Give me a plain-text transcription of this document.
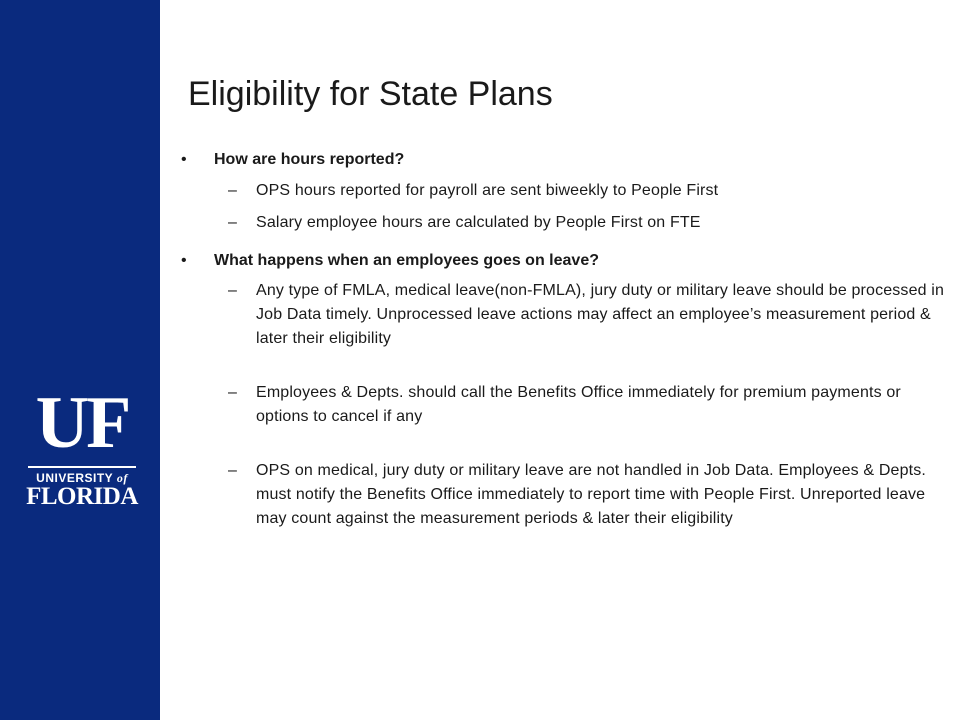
UF
UNIVERSITY of
FLORIDA
Eligibility for State Plans
• How are hours reported?
– OPS hours reported for payroll are sent biweekly to People First
– Salary employee hours are calculated by People First on FTE
• What happens when an employees goes on leave?
– Any type of FMLA, medical leave(non-FMLA), jury duty or military leave should be processed in Job Data timely. Unprocessed leave actions may affect an employee’s measurement period & later their eligibility
– Employees & Depts. should call the Benefits Office immediately for premium payments or options to cancel if any
– OPS on medical, jury duty or military leave are not handled in Job Data. Employees & Depts. must notify the Benefits Office immediately to report time with People First. Unreported leave may count against the measurement periods & later their eligibility
